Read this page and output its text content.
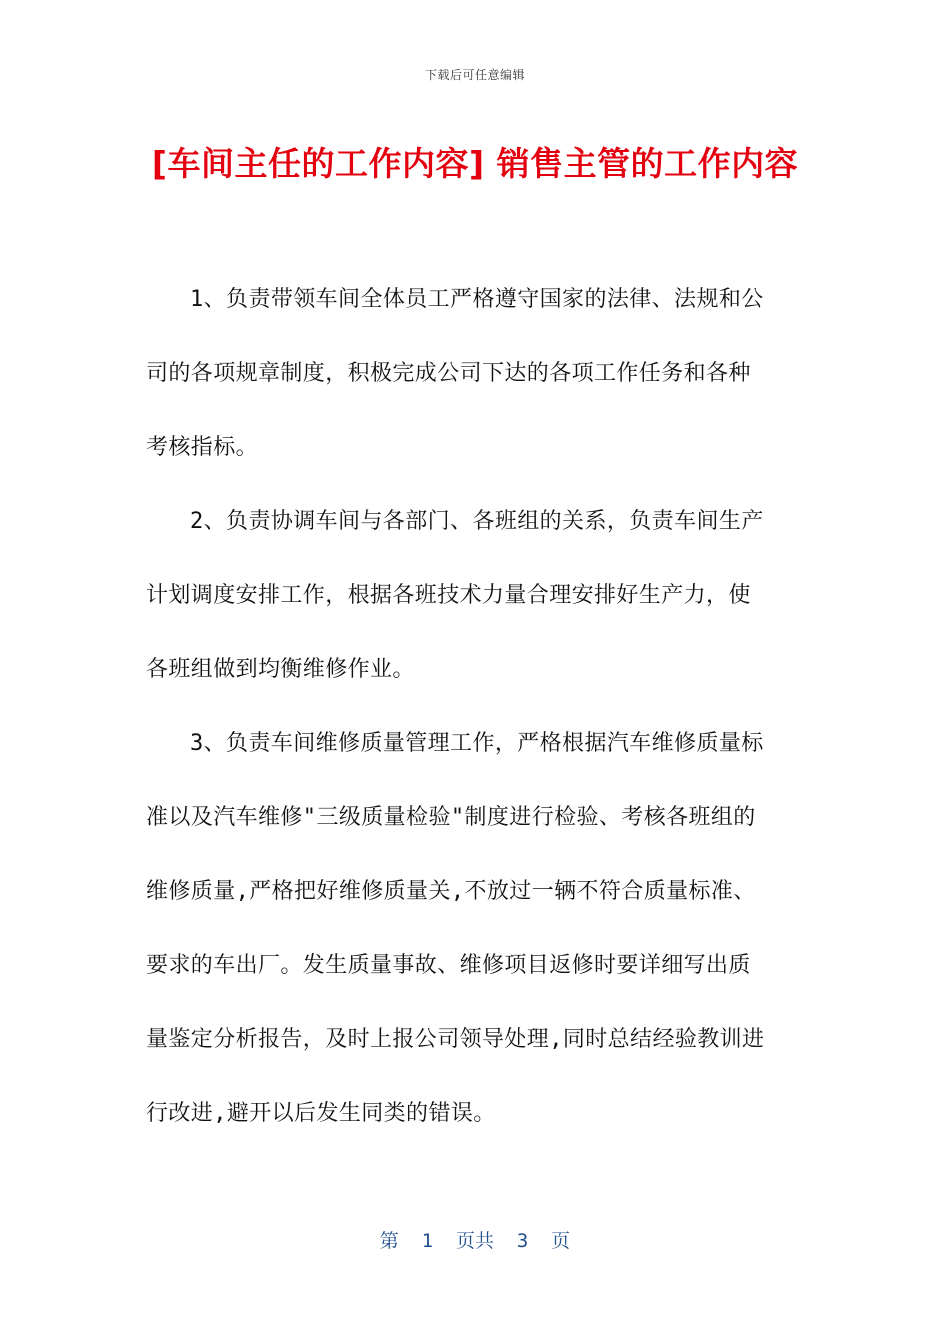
下载后可任意编辑
[车间主任的工作内容] 销售主管的工作内容
1、负责带领车间全体员工严格遵守国家的法律、法规和公
司的各项规章制度，积极完成公司下达的各项工作任务和各种
考核指标。
2、负责协调车间与各部门、各班组的关系，负责车间生产
计划调度安排工作，根据各班技术力量合理安排好生产力，使
各班组做到均衡维修作业。
3、负责车间维修质量管理工作，严格根据汽车维修质量标
准以及汽车维修"三级质量检验"制度进行检验、考核各班组的
维修质量,严格把好维修质量关,不放过一辆不符合质量标准、
要求的车出厂。发生质量事故、维修项目返修时要详细写出质
量鉴定分析报告，及时上报公司领导处理,同时总结经验教训进
行改进,避开以后发生同类的错误。
第  1  页共  3  页
